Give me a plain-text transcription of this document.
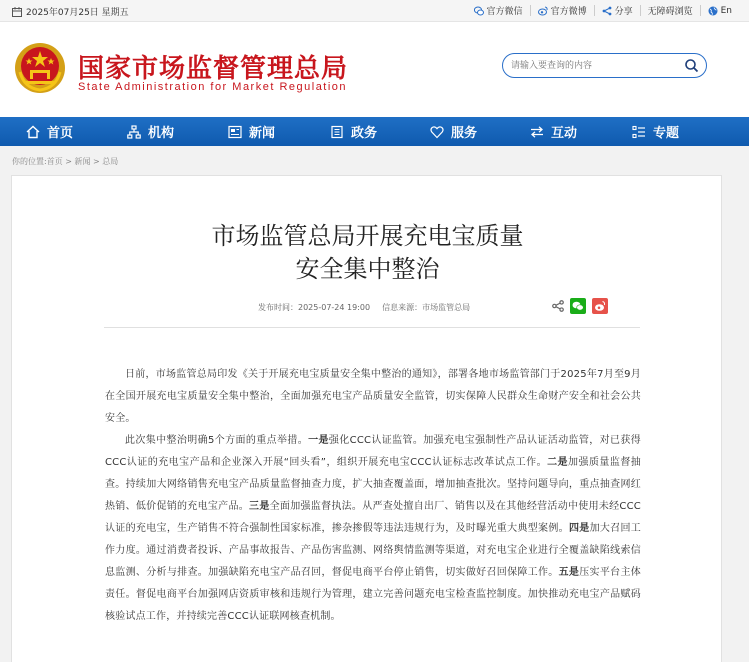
2025年07月25日 星期五	官方微信	官方微博	分享 无障碍浏览	En
国家市场监督管理总局
State Administration for Market Regulation
请输入要查询的内容
首页	机构	新闻	政务	服务	互动	专题
你的位置:首页 > 新闻 > 总局
市场监管总局开展充电宝质量
安全集中整治
发布时间：2025-07-24 19:00 信息来源：市场监管总局

日前，市场监管总局印发《关于开展充电宝质量安全集中整治的通知》，部署各地市场监管部门于2025年7月至9月在全国开展充电宝质量安全集中整治，全面加强充电宝产品质量安全监管，切实保障人民群众生命财产安全和社会公共安全。

此次集中整治明确5个方面的重点举措。一是强化CCC认证监管。加强充电宝强制性产品认证活动监管，对已获得CCC认证的充电宝产品和企业深入开展“回头看”，组织开展充电宝CCC认证标志改革试点工作。二是加强质量监督抽查。持续加大网络销售充电宝产品质量监督抽查力度，扩大抽查覆盖面，增加抽查批次。坚持问题导向，重点抽查网红热销、低价促销的充电宝产品。三是全面加强监督执法。从严查处擅自出厂、销售以及在其他经营活动中使用未经CCC认证的充电宝，生产销售不符合强制性国家标准，掺杂掺假等违法违规行为，及时曝光重大典型案例。四是加大召回工作力度。通过消费者投诉、产品事故报告、产品伤害监测、网络舆情监测等渠道，对充电宝企业进行全覆盖缺陷线索信息监测、分析与排查。加强缺陷充电宝产品召回，督促电商平台停止销售，切实做好召回保障工作。五是压实平台主体责任。督促电商平台加强网店资质审核和违规行为管理，建立完善问题充电宝检查监控制度。加快推动充电宝产品赋码核验试点工作，并持续完善CCC认证联网核查机制。
